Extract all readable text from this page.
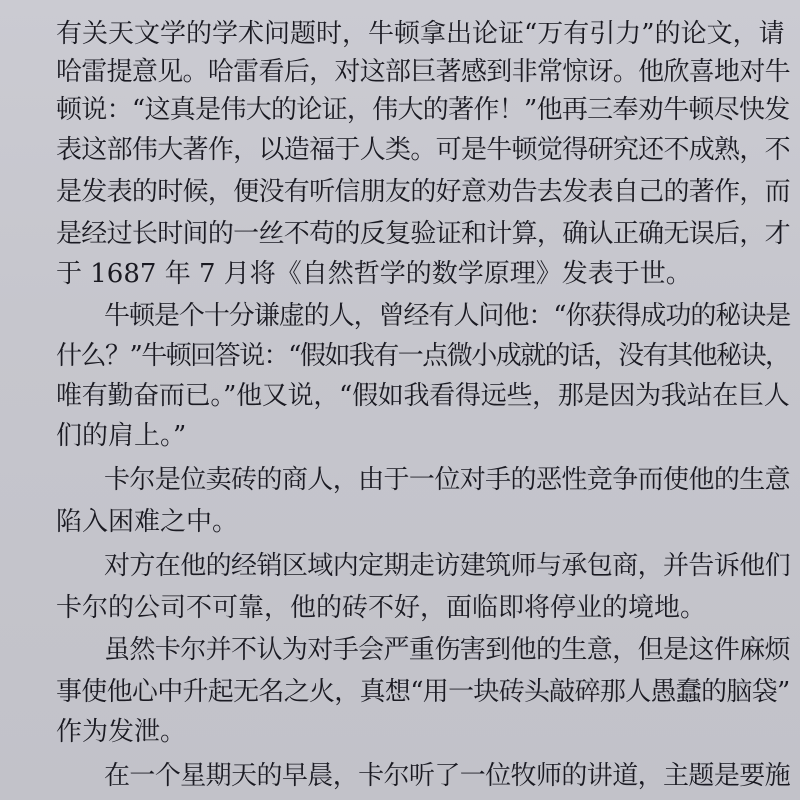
有关天文学的学术问题时，牛顿拿出论证“万有引力”的论文，请
哈雷提意见。哈雷看后，对这部巨著感到非常惊讶。他欣喜地对牛
顿说：“这真是伟大的论证，伟大的著作！”他再三奉劝牛顿尽快发
表这部伟大著作，以造福于人类。可是牛顿觉得研究还不成熟，不
是发表的时候，便没有听信朋友的好意劝告去发表自己的著作，而
是经过长时间的一丝不苟的反复验证和计算，确认正确无误后，才
于 1687 年 7 月将《自然哲学的数学原理》发表于世。
牛顿是个十分谦虚的人，曾经有人问他：“你获得成功的秘诀是
什么？”牛顿回答说：“假如我有一点微小成就的话，没有其他秘诀，
唯有勤奋而已。”他又说，“假如我看得远些，那是因为我站在巨人
们的肩上。”
卡尔是位卖砖的商人，由于一位对手的恶性竞争而使他的生意
陷入困难之中。
对方在他的经销区域内定期走访建筑师与承包商，并告诉他们
卡尔的公司不可靠，他的砖不好，面临即将停业的境地。
虽然卡尔并不认为对手会严重伤害到他的生意，但是这件麻烦
事使他心中升起无名之火，真想“用一块砖头敲碎那人愚蠢的脑袋”
作为发泄。
在一个星期天的早晨，卡尔听了一位牧师的讲道，主题是要施
